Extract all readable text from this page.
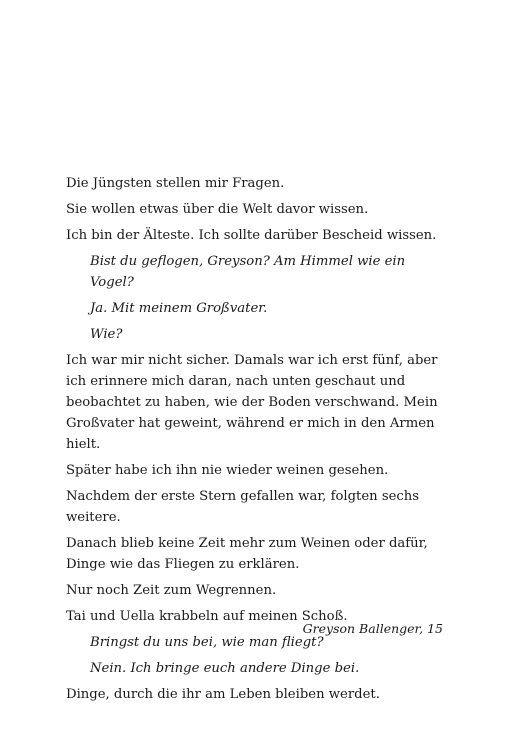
Die Jüngsten stellen mir Fragen.

Sie wollen etwas über die Welt davor wissen.

Ich bin der Älteste. Ich sollte darüber Bescheid wissen.

Bist du geflogen, Greyson? Am Himmel wie ein Vogel?

Ja. Mit meinem Großvater.

Wie?

Ich war mir nicht sicher. Damals war ich erst fünf, aber ich erinnere mich daran, nach unten geschaut und beobachtet zu haben, wie der Boden verschwand. Mein Großvater hat geweint, während er mich in den Armen hielt.

Später habe ich ihn nie wieder weinen gesehen.

Nachdem der erste Stern gefallen war, folgten sechs weitere.

Danach blieb keine Zeit mehr zum Weinen oder dafür, Dinge wie das Fliegen zu erklären.

Nur noch Zeit zum Wegrennen.

Tai und Uella krabbeln auf meinen Schoß.

Bringst du uns bei, wie man fliegt?

Nein. Ich bringe euch andere Dinge bei.

Dinge, durch die ihr am Leben bleiben werdet.

Greyson Ballenger, 15
